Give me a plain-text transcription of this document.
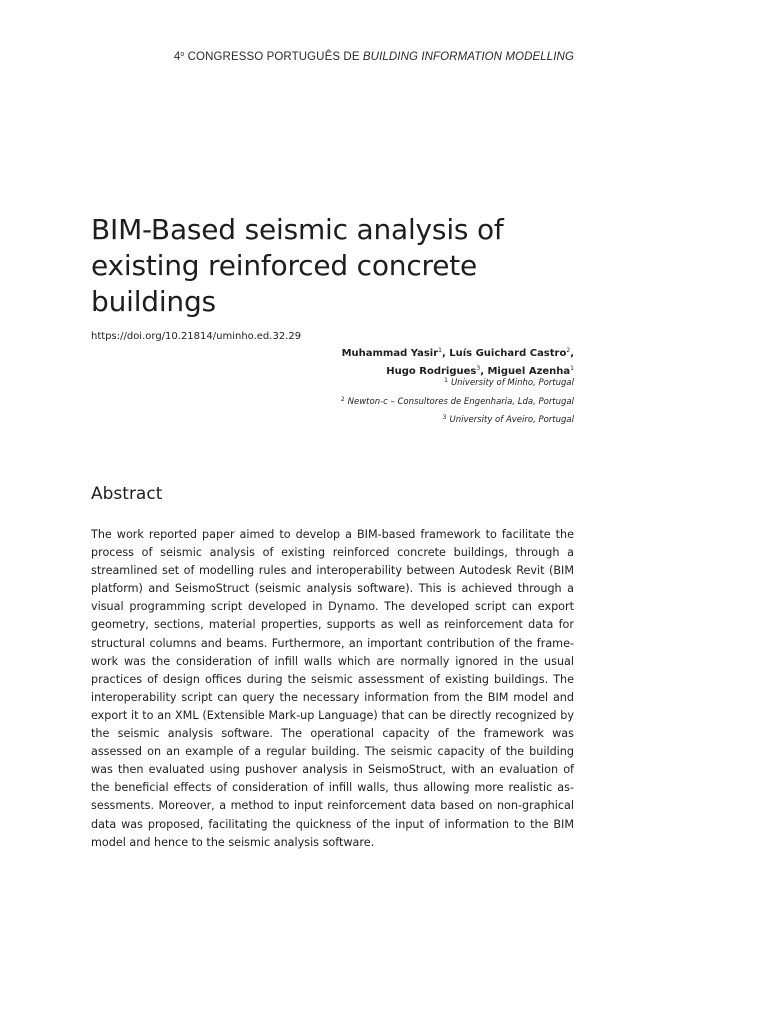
4$^o$ CONGRESSO PORTUGUÊS DE BUILDING INFORMATION MODELLING
BIM-Based seismic analysis of existing reinforced concrete buildings
https://doi.org/10.21814/uminho.ed.32.29
Muhammad Yasir$^1$, Luís Guichard Castro$^2$,
Hugo Rodrigues$^3$, Miguel Azenha$^1$
$^1$ University of Minho, Portugal
$^2$ Newton-c – Consultores de Engenharia, Lda, Portugal
$^3$ University of Aveiro, Portugal
Abstract

The work reported paper aimed to develop a BIM-based framework to facilitate the process of seismic analysis of existing reinforced concrete buildings, through a streamlined set of modelling rules and interoperability between Autodesk Revit (BIM platform) and SeismoStruct (seismic analysis software). This is achieved through a visual programming script developed in Dynamo. The developed script can export geometry, sections, material properties, supports as well as reinforcement data for structural columns and beams. Furthermore, an important contribution of the frame-work was the consideration of infill walls which are normally ignored in the usual practices of design offices during the seismic assessment of existing buildings. The interoperability script can query the necessary information from the BIM model and export it to an XML (Extensible Mark-up Language) that can be directly recognized by the seismic analysis software. The operational capacity of the framework was assessed on an example of a regular building. The seismic capacity of the building was then evaluated using pushover analysis in SeismoStruct, with an evaluation of the beneficial effects of consideration of infill walls, thus allowing more realistic as-sessments. Moreover, a method to input reinforcement data based on non-graphical data was proposed, facilitating the quickness of the input of information to the BIM model and hence to the seismic analysis software.
